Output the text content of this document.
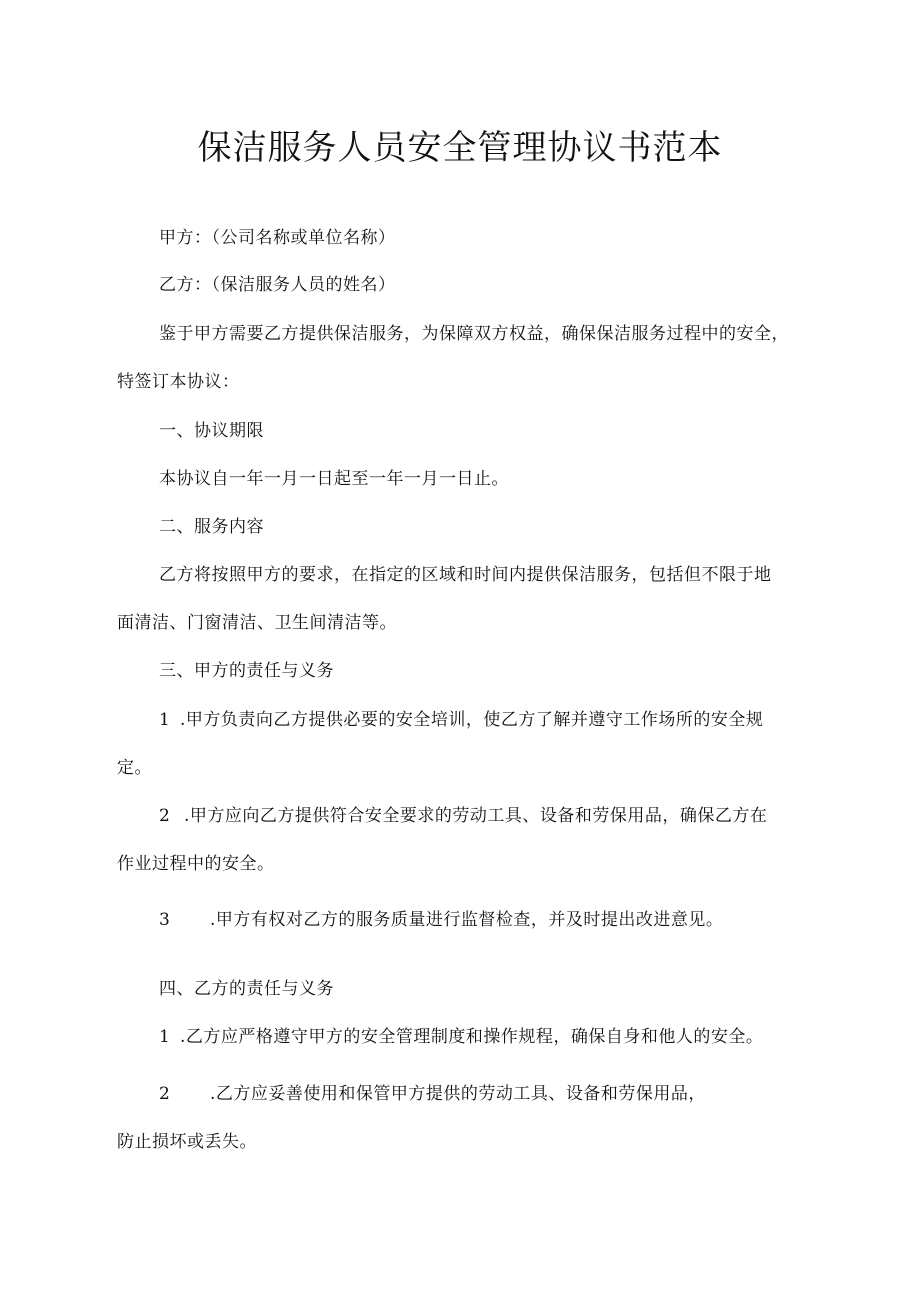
保洁服务人员安全管理协议书范本
甲方：（公司名称或单位名称）
乙方：（保洁服务人员的姓名）
鉴于甲方需要乙方提供保洁服务，为保障双方权益，确保保洁服务过程中的安全，
特签订本协议：
一、协议期限
本协议自一年一月一日起至一年一月一日止。
二、服务内容
乙方将按照甲方的要求，在指定的区域和时间内提供保洁服务，包括但不限于地
面清洁、门窗清洁、卫生间清洁等。
三、甲方的责任与义务
1 .甲方负责向乙方提供必要的安全培训，使乙方了解并遵守工作场所的安全规
定。
2 .甲方应向乙方提供符合安全要求的劳动工具、设备和劳保用品，确保乙方在
作业过程中的安全。
3 .甲方有权对乙方的服务质量进行监督检查，并及时提出改进意见。
四、乙方的责任与义务
1 .乙方应严格遵守甲方的安全管理制度和操作规程，确保自身和他人的安全。
2 .乙方应妥善使用和保管甲方提供的劳动工具、设备和劳保用品，
防止损坏或丢失。
